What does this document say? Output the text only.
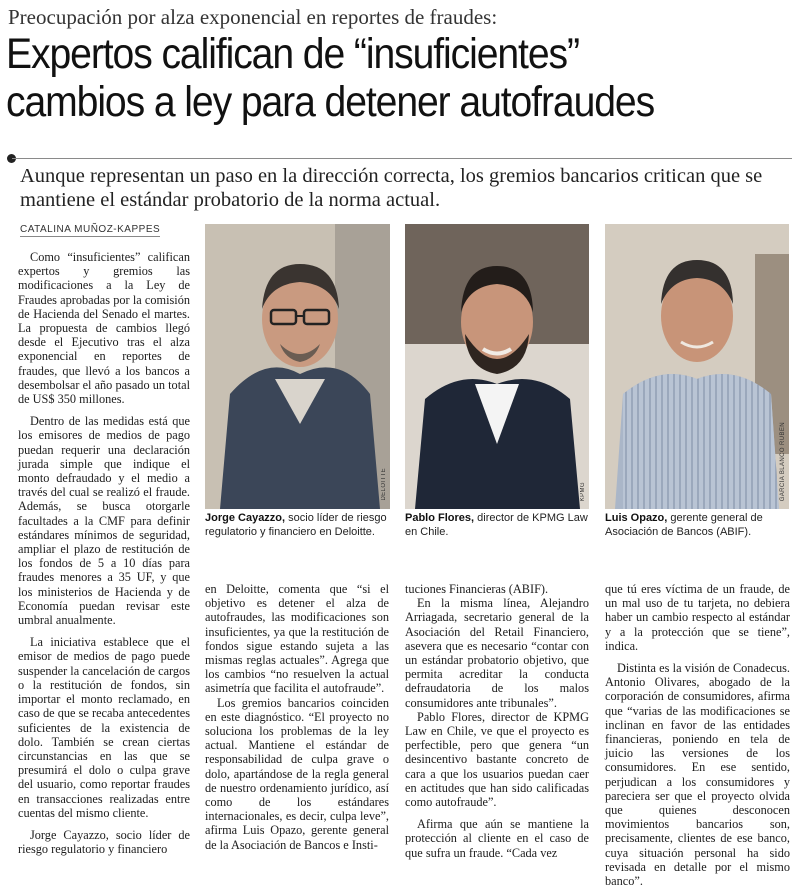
Preocupación por alza exponencial en reportes de fraudes:
Expertos califican de “insuficientes”
cambios a ley para detener autofraudes
Aunque representan un paso en la dirección correcta, los gremios bancarios critican que se mantiene el estándar probatorio de la norma actual.
CATALINA MUÑOZ-KAPPES

Como “insuficientes” califican expertos y gremios las modificaciones a la Ley de Fraudes aprobadas por la comisión de Hacienda del Senado el martes. La propuesta de cambios llegó desde el Ejecutivo tras el alza exponencial en reportes de fraudes, que llevó a los bancos a desembolsar el año pasado un total de US$ 350 millones.

Dentro de las medidas está que los emisores de medios de pago puedan requerir una declaración jurada simple que indique el monto defraudado y el medio a través del cual se realizó el fraude. Además, se busca otorgarle facultades a la CMF para definir estándares mínimos de seguridad, ampliar el plazo de restitución de los fondos de 5 a 10 días para fraudes menores a 35 UF, y que los ministerios de Hacienda y de Economía puedan revisar este umbral anualmente.

La iniciativa establece que el emisor de medios de pago puede suspender la cancelación de cargos o la restitución de fondos, sin importar el monto reclamado, en caso de que se recaba antecedentes suficientes de la existencia de dolo. También se crean ciertas circunstancias en las que se presumirá el dolo o culpa grave del usuario, como reportar fraudes en transacciones realizadas entre cuentas del mismo cliente.

Jorge Cayazzo, socio líder de riesgo regulatorio y financiero

DELOITTE	KPMG	GARCÍA BLANCO RUBEN
Jorge Cayazzo, socio líder de riesgo regulatorio y financiero en Deloitte.
Pablo Flores, director de KPMG Law en Chile.
Luis Opazo, gerente general de Asociación de Bancos (ABIF).

en Deloitte, comenta que “si el objetivo es detener el alza de autofraudes, las modificaciones son insuficientes, ya que la restitución de fondos sigue estando sujeta a las mismas reglas actuales”. Agrega que los cambios “no resuelven la actual asimetría que facilita el autofraude”.

Los gremios bancarios coinciden en este diagnóstico. “El proyecto no soluciona los problemas de la ley actual. Mantiene el estándar de responsabilidad de culpa grave o dolo, apartándose de la regla general de nuestro ordenamiento jurídico, así como de los estándares internacionales, es decir, culpa leve”, afirma Luis Opazo, gerente general de la Asociación de Bancos e Insti-

tuciones Financieras (ABIF).

En la misma línea, Alejandro Arriagada, secretario general de la Asociación del Retail Financiero, asevera que es necesario “contar con un estándar probatorio objetivo, que permita acreditar la conducta defraudatoria de los malos consumidores ante tribunales”.

Pablo Flores, director de KPMG Law en Chile, ve que el proyecto es perfectible, pero que genera “un desincentivo bastante concreto de cara a que los usuarios puedan caer en actitudes que han sido calificadas como autofraude”.

Afirma que aún se mantiene la protección al cliente en el caso de que sufra un fraude. “Cada vez

que tú eres víctima de un fraude, de un mal uso de tu tarjeta, no debiera haber un cambio respecto al estándar y a la protección que se tiene”, indica.

Distinta es la visión de Conadecus. Antonio Olivares, abogado de la corporación de consumidores, afirma que “varias de las modificaciones se inclinan en favor de las entidades financieras, poniendo en tela de juicio las versiones de los consumidores. En ese sentido, perjudican a los consumidores y pareciera ser que el proyecto olvida que quienes desconocen movimientos bancarios son, precisamente, clientes de ese banco, cuya situación personal ha sido revisada en detalle por el mismo banco”.
